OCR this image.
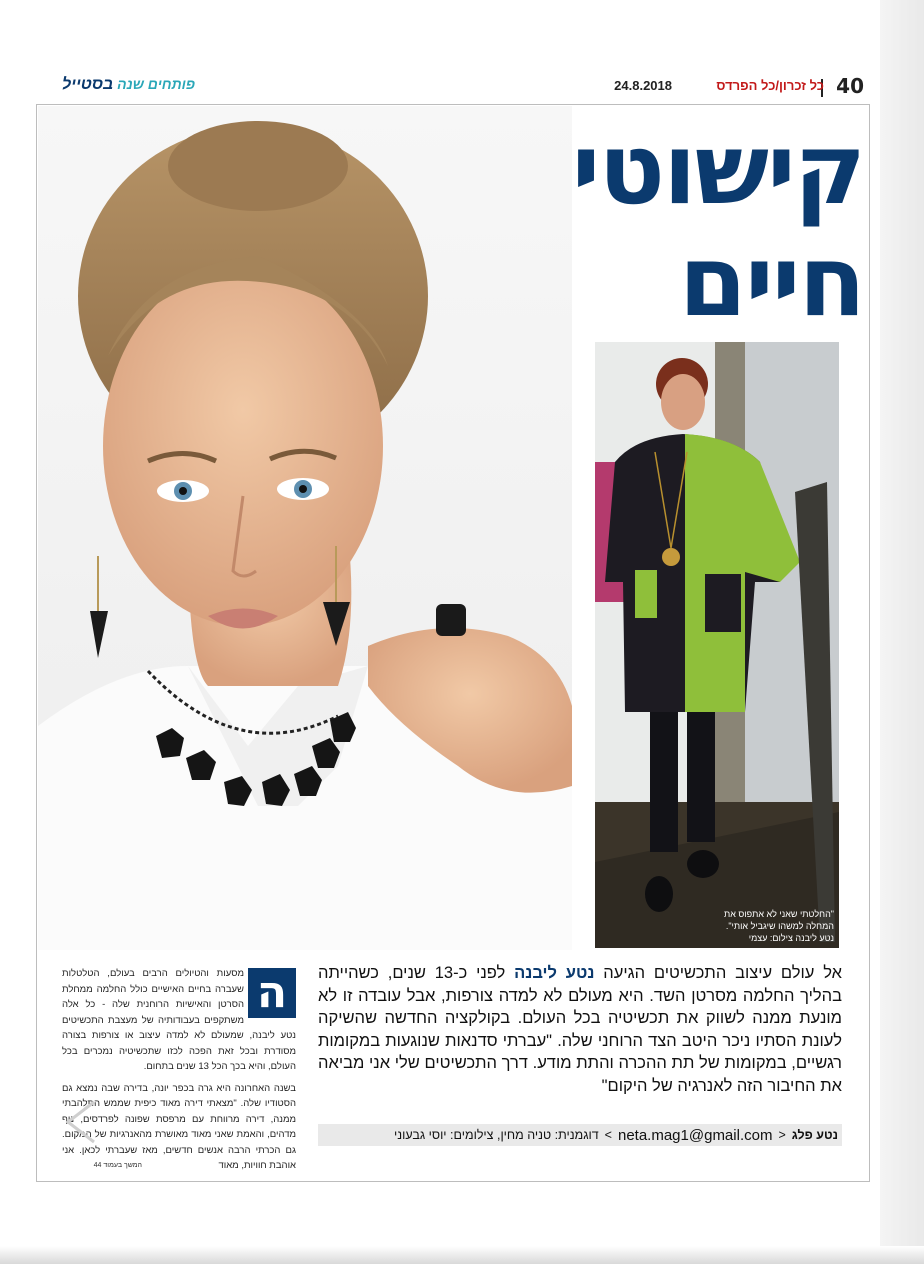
40
כל זכרון/כל הפרדס
24.8.2018
פותחים שנה בסטייל
קישוטי
חיים
"החלטתי שאני לא אתפוס את המחלה למשהו שיגביל אותי".
נטע ליבנה צילום: עצמי
אל עולם עיצוב התכשיטים הגיעה נטע ליבנה לפני כ-13 שנים, כשהייתה בהליך החלמה מסרטן השד. היא מעולם לא למדה צורפות, אבל עובדה זו לא מונעת ממנה לשווק את תכשיטיה בכל העולם. בקולקציה החדשה שהשיקה לעונת הסתיו ניכר היטב הצד הרוחני שלה. "עברתי סדנאות שנוגעות במקומות רגשיים, במקומות של תת ההכרה והתת מודע. דרך התכשיטים שלי אני מביאה את החיבור הזה לאנרגיה של היקום"
נטע פלג
<
neta.mag1@gmail.com
>
דוגמנית: טניה מחין, צילומים: יוסי גבעוני
ה

מסעות והטיולים הרבים בעולם, הטלטלות שעברה בחיים האישיים כולל החלמה ממחלת הסרטן והאישיות הרוחנית שלה - כל אלה משתקפים בעבודותיה של מעצבת התכשיטים נטע ליבנה, שמעולם לא למדה עיצוב או צורפות בצורה מסודרת ובכל זאת הפכה לכזו שתכשיטיה נמכרים בכל העולם, והיא בכך הכל 13 שנים בתחום.

בשנה האחרונה היא גרה בכפר יונה, בדירה שבה נמצא גם הסטודיו שלה. "מצאתי דירה מאוד כיפית שממש התלהבתי ממנה, דירה מרווחת עם מרפסת שפונה לפרדסים, נוף מדהים, והאמת שאני מאוד מאושרת מהאנרגיות של המקום. גם הכרתי הרבה אנשים חדשים, מאז שעברתי לכאן. אני אוהבת חוויות, מאוד

המשך בעמוד 44
